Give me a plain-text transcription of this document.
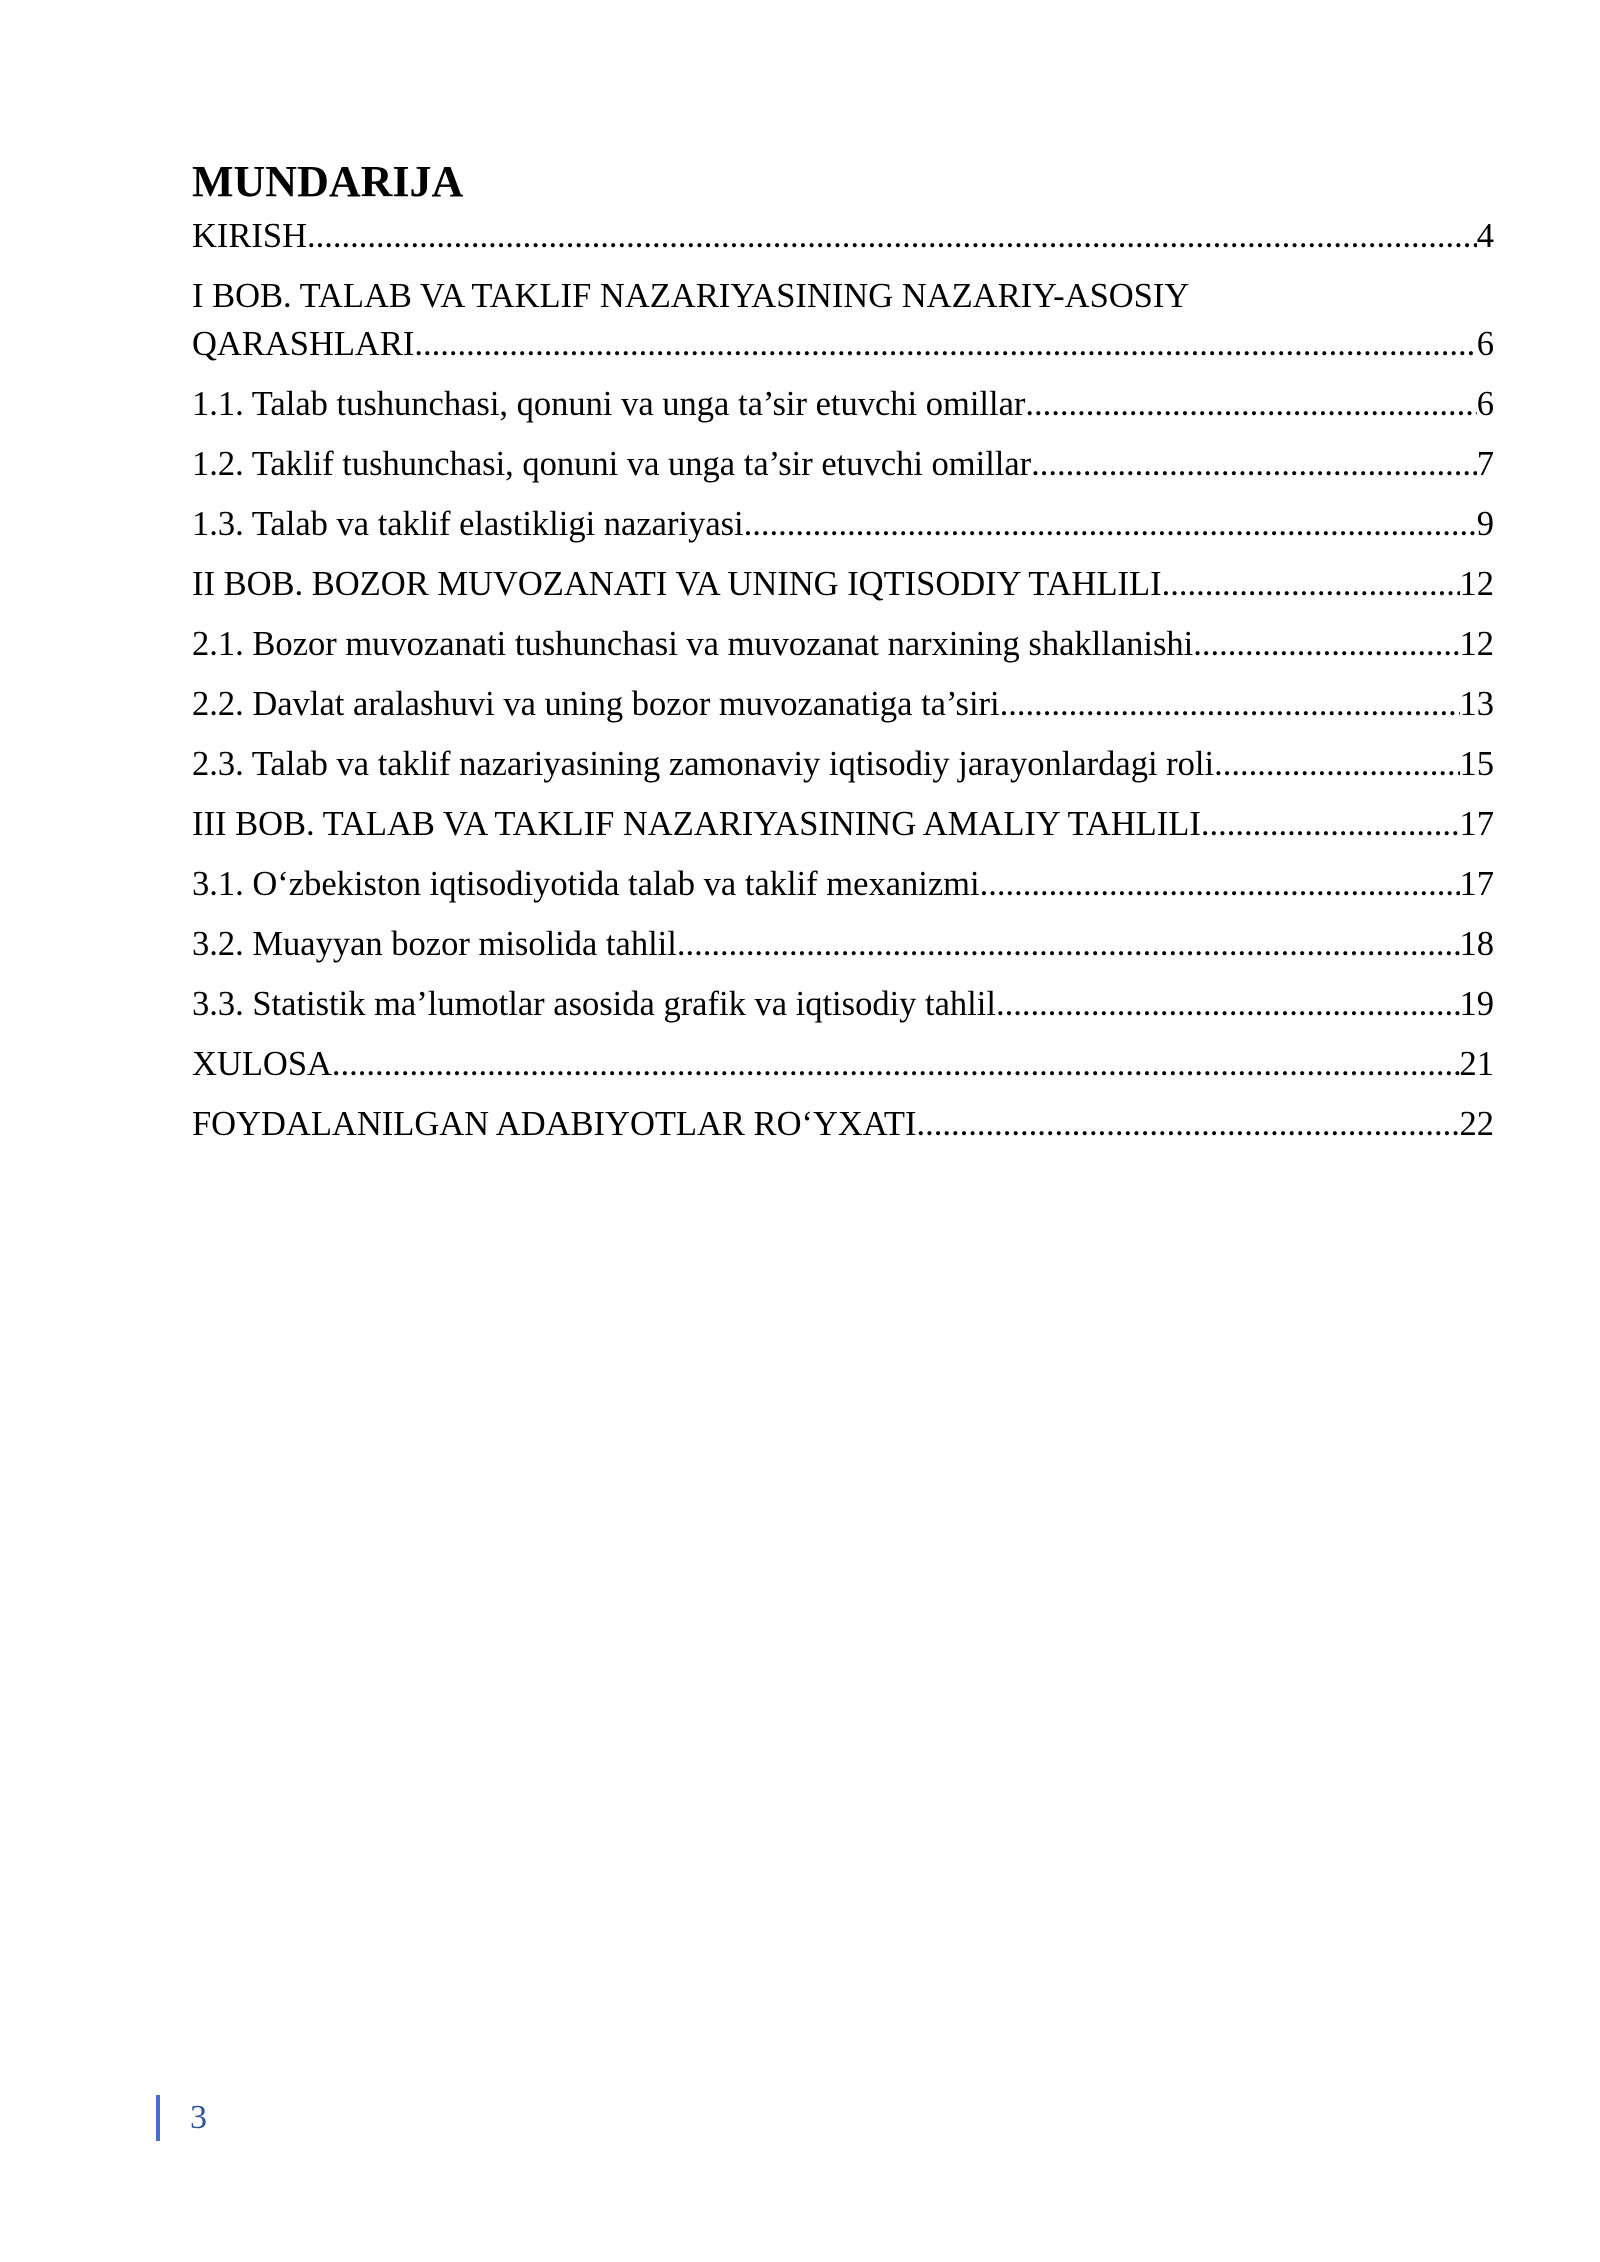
MUNDARIJA
KIRISH .....	4
I BOB. TALAB VA TAKLIF NAZARIYASINING NAZARIY-ASOSIY
QARASHLARI .....	6
1.1. Talab tushunchasi, qonuni va unga ta’sir etuvchi omillar .....	6
1.2. Taklif tushunchasi, qonuni va unga ta’sir etuvchi omillar .....	7
1.3. Talab va taklif elastikligi nazariyasi .....	9
II BOB. BOZOR MUVOZANATI VA UNING IQTISODIY TAHLILI .....	12
2.1. Bozor muvozanati tushunchasi va muvozanat narxining shakllanishi .....	12
2.2. Davlat aralashuvi va uning bozor muvozanatiga ta’siri .....	13
2.3. Talab va taklif nazariyasining zamonaviy iqtisodiy jarayonlardagi roli .....	15
III BOB. TALAB VA TAKLIF NAZARIYASINING AMALIY TAHLILI .....	17
3.1. O‘zbekiston iqtisodiyotida talab va taklif mexanizmi .....	17
3.2. Muayyan bozor misolida tahlil .....	18
3.3. Statistik ma’lumotlar asosida grafik va iqtisodiy tahlil .....	19
XULOSA .....	21
FOYDALANILGAN ADABIYOTLAR RO‘YXATI .....	22
3
